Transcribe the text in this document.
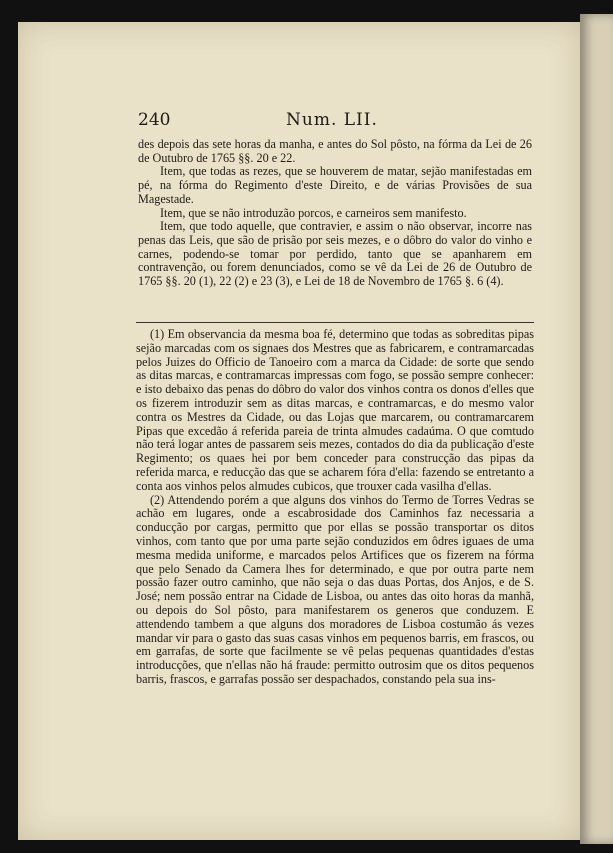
240	Num. LII.

des depois das sete horas da manha, e antes do Sol pôsto, na fórma da Lei de 26 de Outubro de 1765 §§. 20 e 22.

Item, que todas as rezes, que se houverem de matar, sejão manifestadas em pé, na fórma do Regimento d'este Direito, e de várias Provisões de sua Magestade.

Item, que se não introduzão porcos, e carneiros sem manifesto.

Item, que todo aquelle, que contravier, e assim o não observar, incorre nas penas das Leis, que são de prisão por seis mezes, e o dôbro do valor do vinho e carnes, podendo-se tomar por perdido, tanto que se apanharem em contravenção, ou forem denunciados, como se vê da Lei de 26 de Outubro de 1765 §§. 20 (1), 22 (2) e 23 (3), e Lei de 18 de Novembro de 1765 §. 6 (4).

(1) Em observancia da mesma boa fé, determino que todas as sobreditas pipas sejão marcadas com os signaes dos Mestres que as fabricarem, e contramarcadas pelos Juizes do Officio de Tanoeiro com a marca da Cidade: de sorte que sendo as ditas marcas, e contramarcas impressas com fogo, se possão sempre conhecer: e isto debaixo das penas do dôbro do valor dos vinhos contra os donos d'elles que os fizerem introduzir sem as ditas marcas, e contramarcas, e do mesmo valor contra os Mestres da Cidade, ou das Lojas que marcarem, ou contramarcarem Pipas que excedão á referida pareia de trinta almudes cadaúma. O que comtudo não terá logar antes de passarem seis mezes, contados do dia da publicação d'este Regimento; os quaes hei por bem conceder para construcção das pipas da referida marca, e reducção das que se acharem fóra d'ella: fazendo se entretanto a conta aos vinhos pelos almudes cubicos, que trouxer cada vasilha d'ellas.

(2) Attendendo porém a que alguns dos vinhos do Termo de Torres Vedras se achão em lugares, onde a escabrosidade dos Caminhos faz necessaria a conducção por cargas, permitto que por ellas se possão transportar os ditos vinhos, com tanto que por uma parte sejão conduzidos em ôdres iguaes de uma mesma medida uniforme, e marcados pelos Artifices que os fizerem na fórma que pelo Senado da Camera lhes for determinado, e que por outra parte nem possão fazer outro caminho, que não seja o das duas Portas, dos Anjos, e de S. José; nem possão entrar na Cidade de Lisboa, ou antes das oito horas da manhã, ou depois do Sol pôsto, para manifestarem os generos que conduzem. E attendendo tambem a que alguns dos moradores de Lisboa costumão ás vezes mandar vir para o gasto das suas casas vinhos em pequenos barris, em frascos, ou em garrafas, de sorte que facilmente se vê pelas pequenas quantidades d'estas introducções, que n'ellas não há fraude: permitto outrosim que os ditos pequenos barris, frascos, e garrafas possão ser despachados, constando pela sua ins-
